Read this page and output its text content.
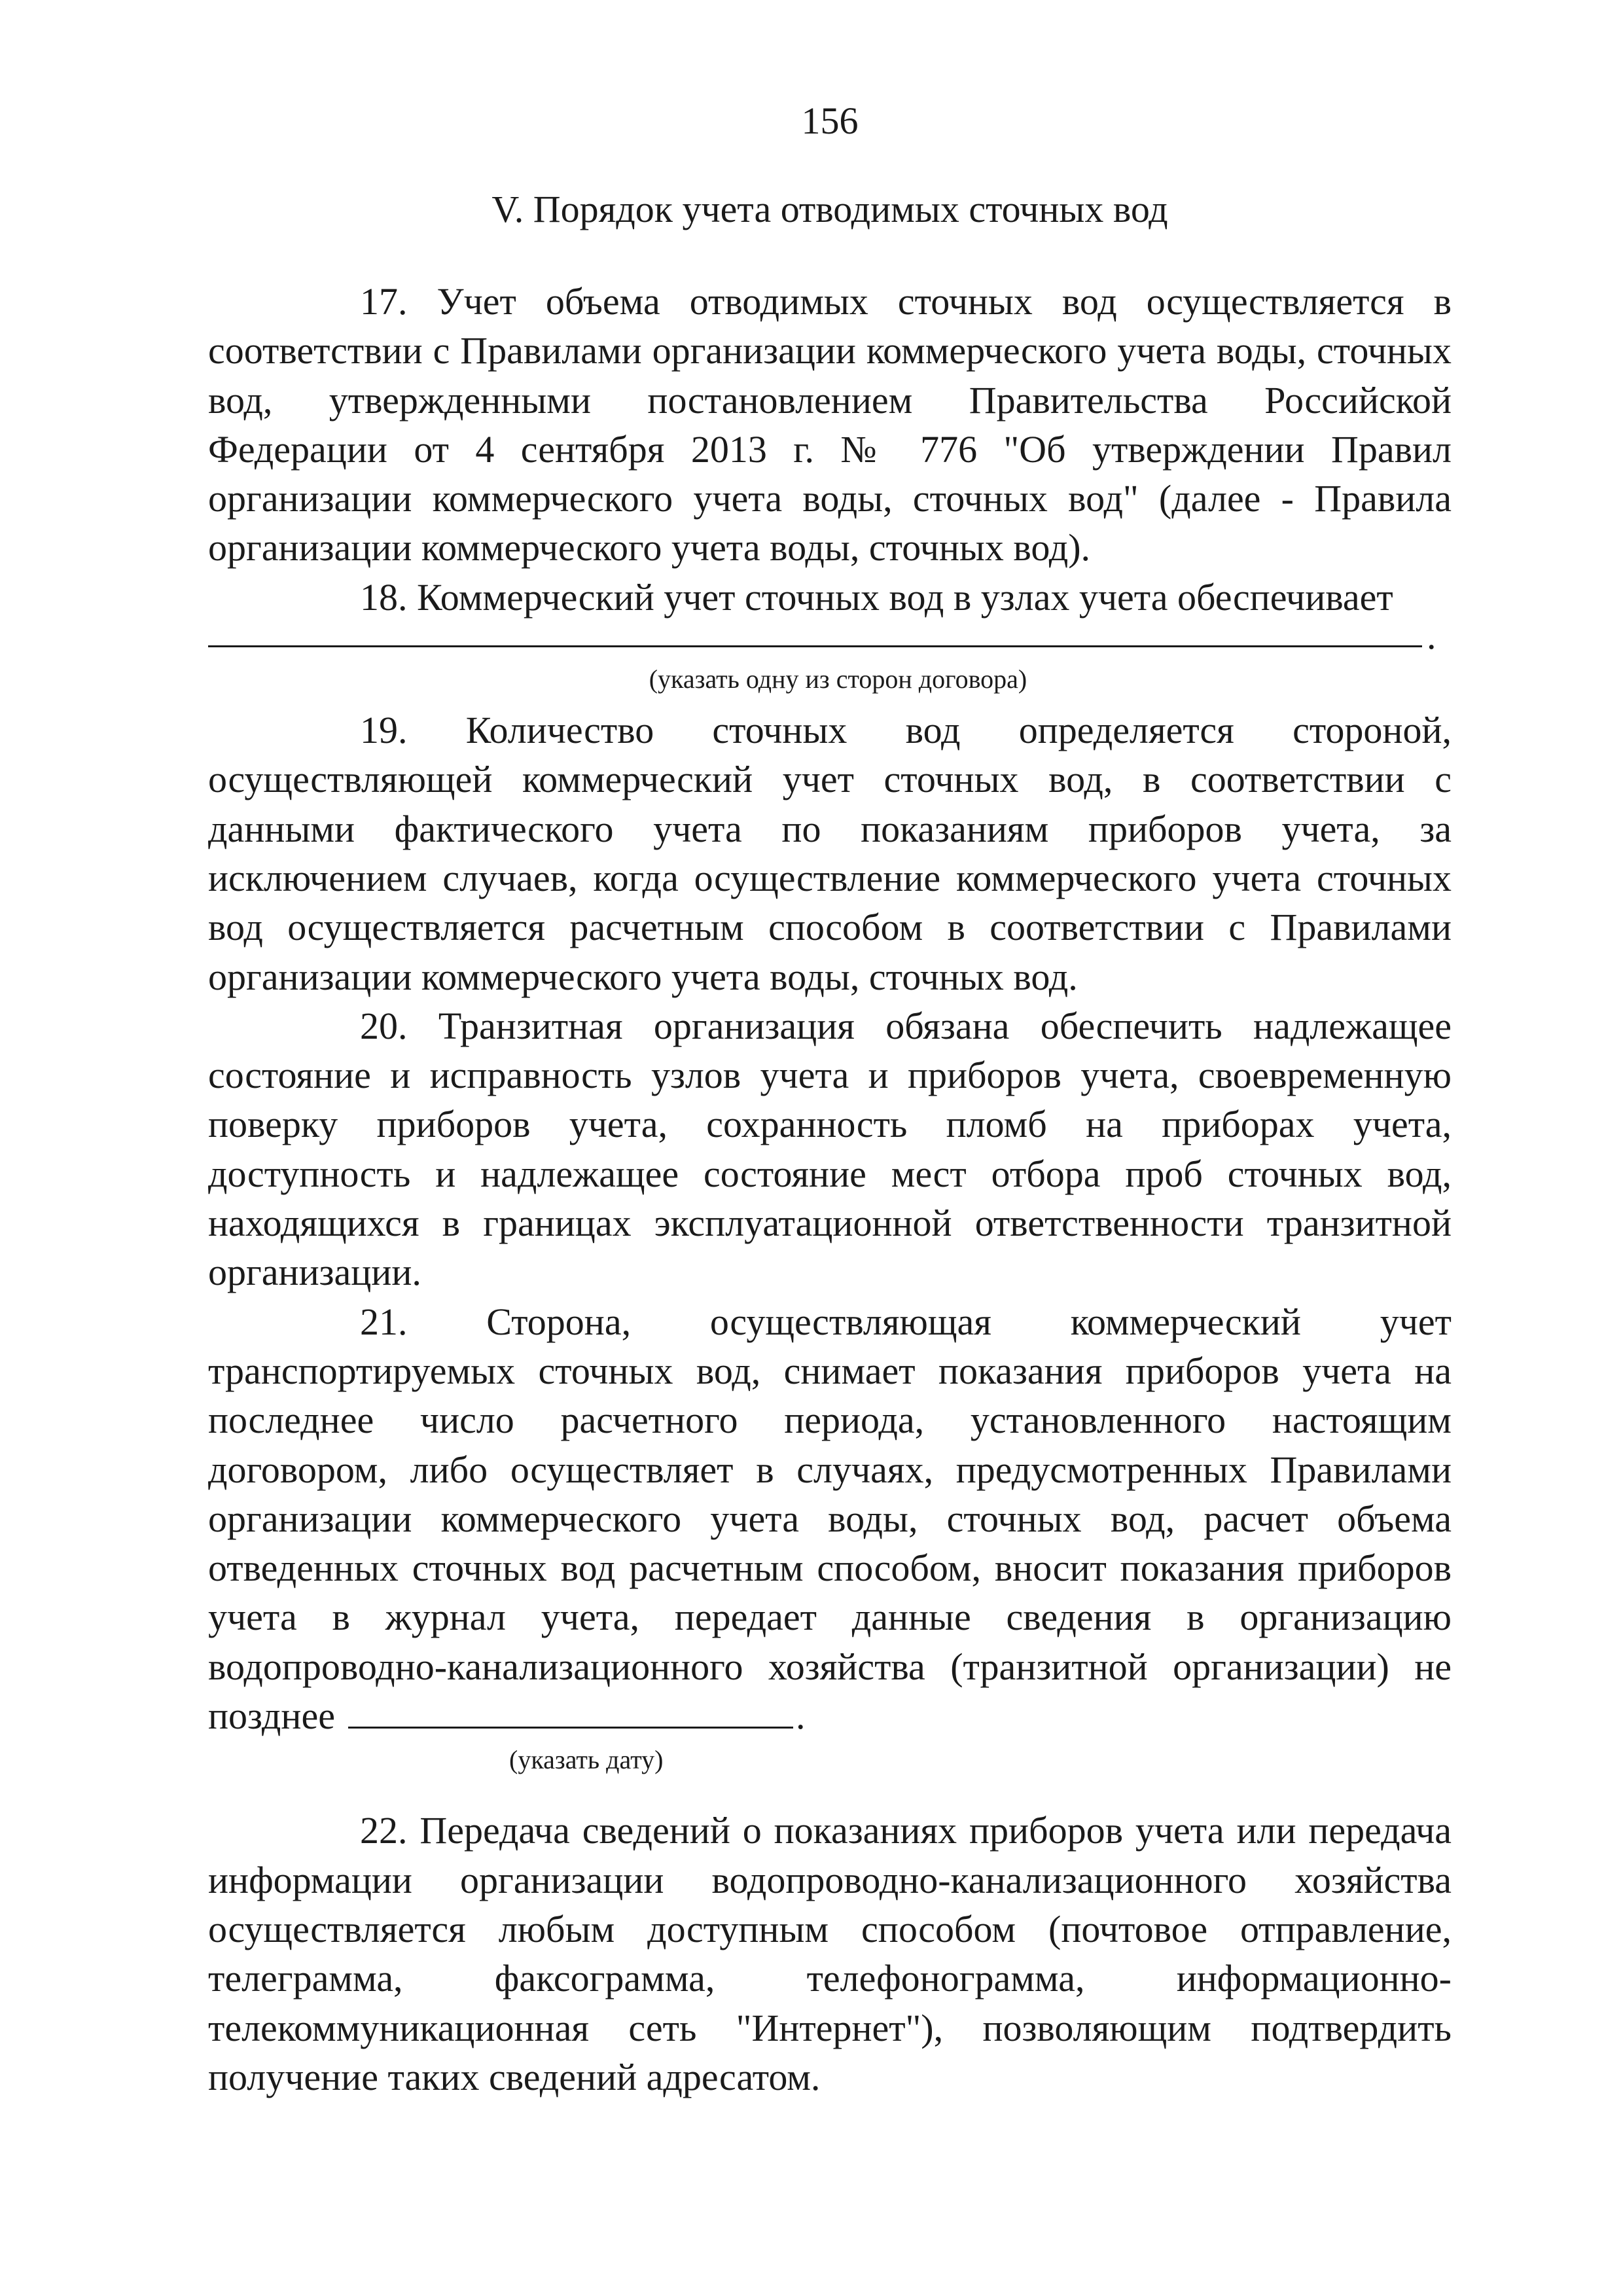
156
V. Порядок учета отводимых сточных вод

17. Учет объема отводимых сточных вод осуществляется в соответствии с Правилами организации коммерческого учета воды, сточных вод, утвержденными постановлением Правительства Российской Федерации от 4 сентября 2013 г. № 776 "Об утверждении Правил организации коммерческого учета воды, сточных вод" (далее - Правила организации коммерческого учета воды, сточных вод).

18. Коммерческий учет сточных вод в узлах учета обеспечивает

.
(указать одну из сторон договора)

19. Количество сточных вод определяется стороной, осуществляющей коммерческий учет сточных вод, в соответствии с данными фактического учета по показаниям приборов учета, за исключением случаев, когда осуществление коммерческого учета сточных вод осуществляется расчетным способом в соответствии с Правилами организации коммерческого учета воды, сточных вод.

20. Транзитная организация обязана обеспечить надлежащее состояние и исправность узлов учета и приборов учета, своевременную поверку приборов учета, сохранность пломб на приборах учета, доступность и надлежащее состояние мест отбора проб сточных вод, находящихся в границах эксплуатационной ответственности транзитной организации.

21. Сторона, осуществляющая коммерческий учет транспортируемых сточных вод, снимает показания приборов учета на последнее число расчетного периода, установленного настоящим договором, либо осуществляет в случаях, предусмотренных Правилами организации коммерческого учета воды, сточных вод, расчет объема отведенных сточных вод расчетным способом, вносит показания приборов учета в журнал учета, передает данные сведения в организацию водопроводно-канализационного хозяйства (транзитной организации) не позднее	.

(указать дату)

22. Передача сведений о показаниях приборов учета или передача информации организации водопроводно-канализационного хозяйства осуществляется любым доступным способом (почтовое отправление, телеграмма, факсограмма, телефонограмма, информационно-телекоммуникационная сеть "Интернет"), позволяющим подтвердить получение таких сведений адресатом.
